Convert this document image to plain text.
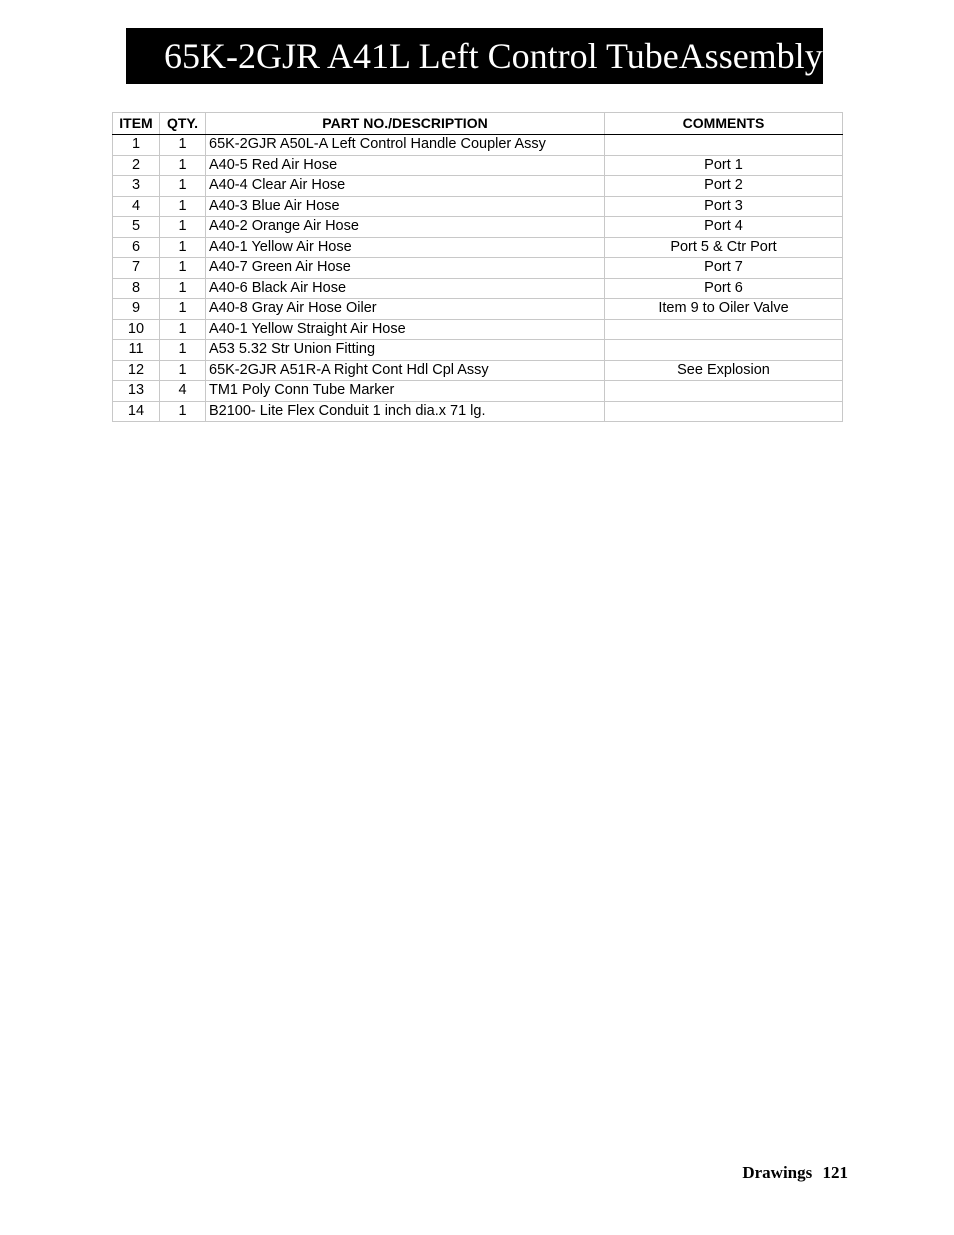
65K-2GJR A41L Left Control TubeAssembly
ITEM	QTY.	PART NO./DESCRIPTION	COMMENTS
1	1	65K-2GJR A50L-A Left Control Handle Coupler Assy	
2	1	A40-5 Red Air Hose	Port 1
3	1	A40-4 Clear Air Hose	Port 2
4	1	A40-3 Blue Air Hose	Port 3
5	1	A40-2 Orange Air Hose	Port 4
6	1	A40-1 Yellow Air Hose	Port 5 & Ctr Port
7	1	A40-7 Green Air Hose	Port 7
8	1	A40-6 Black Air Hose	Port 6
9	1	A40-8 Gray Air Hose Oiler	Item 9 to Oiler Valve
10	1	A40-1 Yellow Straight Air Hose	
11	1	A53 5.32 Str Union Fitting	
12	1	65K-2GJR A51R-A Right Cont Hdl Cpl Assy	See Explosion
13	4	TM1 Poly Conn Tube Marker	
14	1	B2100- Lite Flex Conduit 1 inch dia.x 71 lg.	
Drawings 121
